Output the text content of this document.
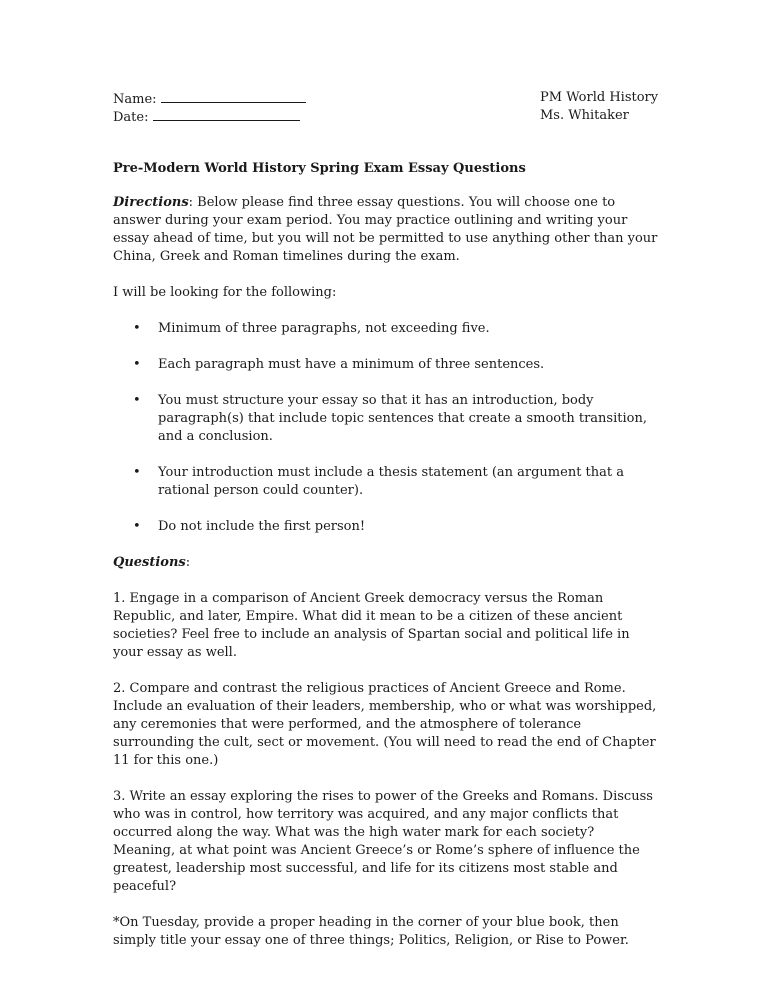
Name:
Date:
PM World History
Ms. Whitaker
Pre-Modern World History Spring Exam Essay Questions
Directions: Below please find three essay questions. You will choose one to answer during your exam period. You may practice outlining and writing your essay ahead of time, but you will not be permitted to use anything other than your China, Greek and Roman timelines during the exam.
I will be looking for the following:
• Minimum of three paragraphs, not exceeding five.
• Each paragraph must have a minimum of three sentences.
• You must structure your essay so that it has an introduction, body paragraph(s) that include topic sentences that create a smooth transition, and a conclusion.
• Your introduction must include a thesis statement (an argument that a rational person could counter).
• Do not include the first person!
Questions:
1. Engage in a comparison of Ancient Greek democracy versus the Roman Republic, and later, Empire. What did it mean to be a citizen of these ancient societies? Feel free to include an analysis of Spartan social and political life in your essay as well.
2. Compare and contrast the religious practices of Ancient Greece and Rome. Include an evaluation of their leaders, membership, who or what was worshipped, any ceremonies that were performed, and the atmosphere of tolerance surrounding the cult, sect or movement. (You will need to read the end of Chapter 11 for this one.)
3. Write an essay exploring the rises to power of the Greeks and Romans. Discuss who was in control, how territory was acquired, and any major conflicts that occurred along the way. What was the high water mark for each society? Meaning, at what point was Ancient Greece’s or Rome’s sphere of influence the greatest, leadership most successful, and life for its citizens most stable and peaceful?
*On Tuesday, provide a proper heading in the corner of your blue book, then simply title your essay one of three things; Politics, Religion, or Rise to Power.
